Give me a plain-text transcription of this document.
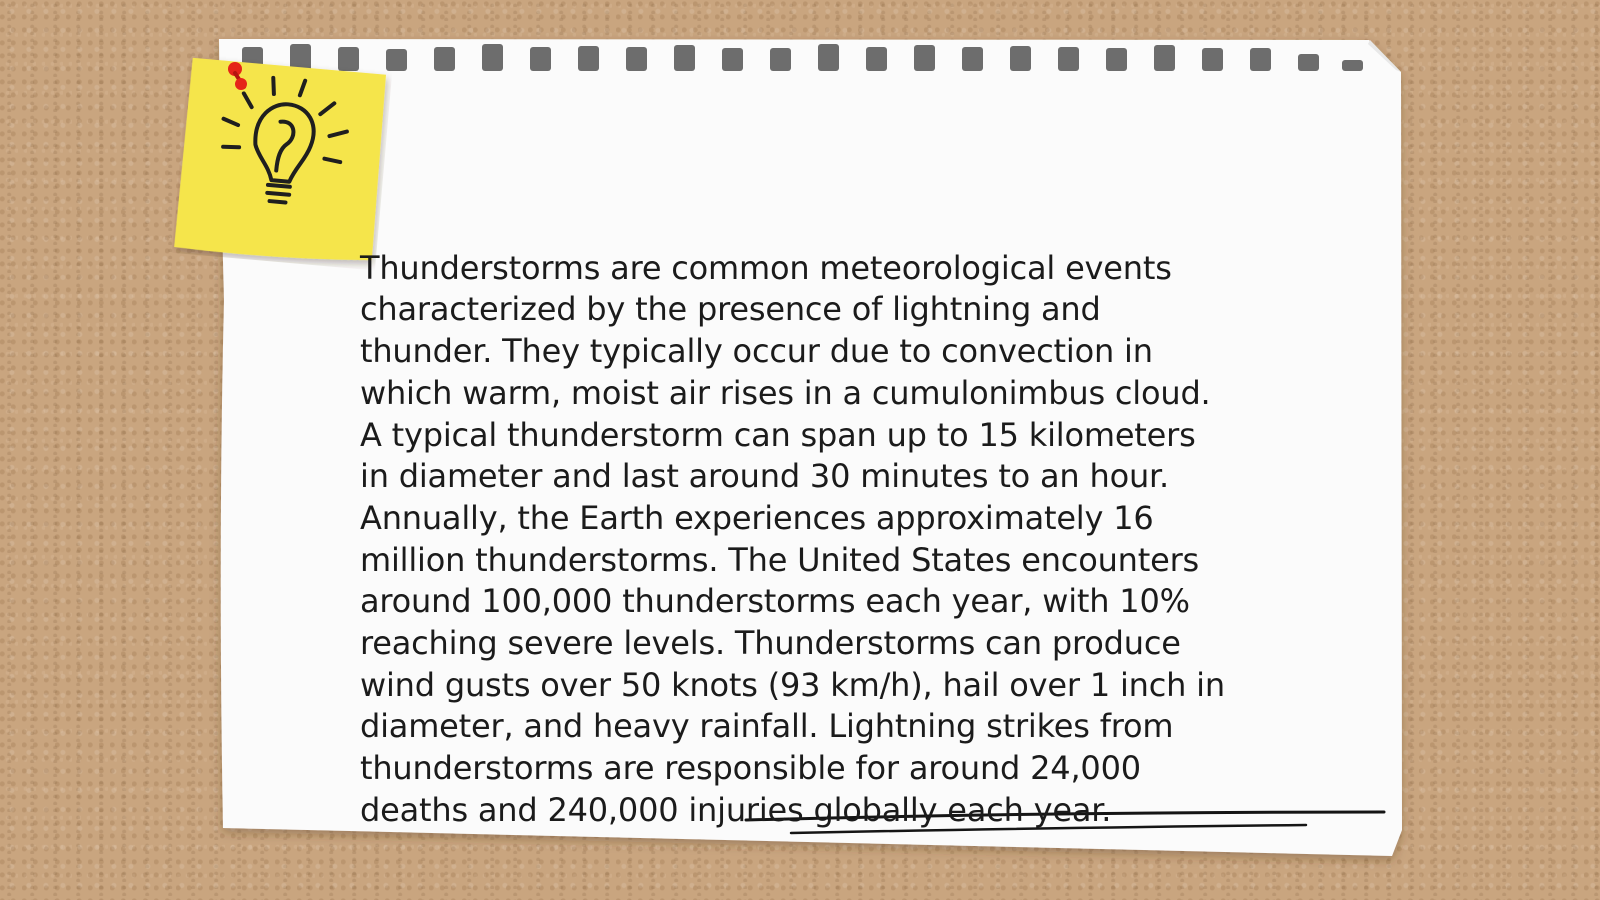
Thunderstorms are common meteorological events
characterized by the presence of lightning and
thunder. They typically occur due to convection in
which warm, moist air rises in a cumulonimbus cloud.
A typical thunderstorm can span up to 15 kilometers
in diameter and last around 30 minutes to an hour.
Annually, the Earth experiences approximately 16
million thunderstorms. The United States encounters
around 100,000 thunderstorms each year, with 10%
reaching severe levels. Thunderstorms can produce
wind gusts over 50 knots (93 km/h), hail over 1 inch in
diameter, and heavy rainfall. Lightning strikes from
thunderstorms are responsible for around 24,000
deaths and 240,000 injuries globally each year.
